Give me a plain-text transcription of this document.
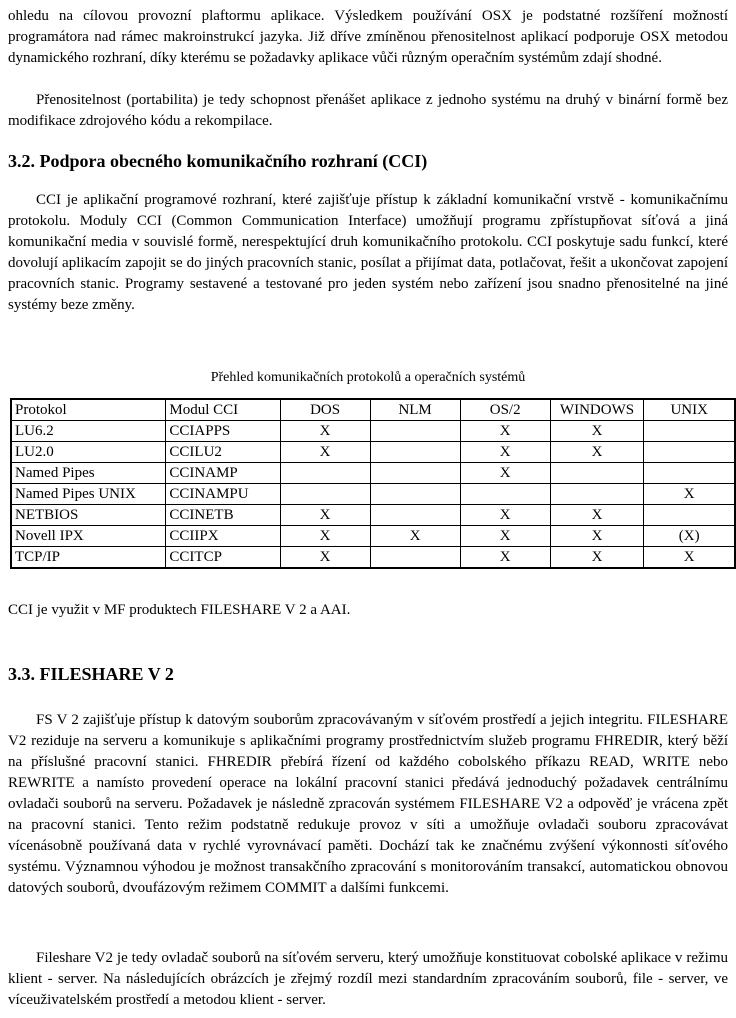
ohledu na cílovou provozní plaftormu aplikace. Výsledkem používání OSX je podstatné rozšíření možností programátora nad rámec makroinstrukcí jazyka. Již dříve zmíněnou přenositelnost aplikací podporuje OSX metodou dynamického rozhraní, díky kterému se požadavky aplikace vůči různým operačním systémům zdají shodné.

Přenositelnost (portabilita) je tedy schopnost přenášet aplikace z jednoho systému na druhý v binární formě bez modifikace zdrojového kódu a rekompilace.

3.2. Podpora obecného komunikačního rozhraní (CCI)

CCI je aplikační programové rozhraní, které zajišťuje přístup k základní komunikační vrstvě - komunikačnímu protokolu. Moduly CCI (Common Communication Interface) umožňují programu zpřístupňovat síťová a jiná komunikační media v souvislé formě, nerespektující druh komunikačního protokolu. CCI poskytuje sadu funkcí, které dovolují aplikacím zapojit se do jiných pracovních stanic, posílat a přijímat data, potlačovat, řešit a ukončovat zapojení pracovních stanic. Programy sestavené a testované pro jeden systém nebo zařízení jsou snadno přenositelné na jiné systémy beze změny.

Přehled komunikačních protokolů a operačních systémů

Protokol	Modul CCI	DOS	NLM	OS/2	WINDOWS	UNIX
LU6.2	CCIAPPS	X		X	X	
LU2.0	CCILU2	X		X	X	
Named Pipes	CCINAMP			X		
Named Pipes UNIX	CCINAMPU					X
NETBIOS	CCINETB	X		X	X	
Novell IPX	CCIIPX	X	X	X	X	(X)
TCP/IP	CCITCP	X		X	X	X

CCI je využit v MF produktech FILESHARE V 2 a AAI.

3.3. FILESHARE V 2

FS V 2 zajišťuje přístup k datovým souborům zpracovávaným v síťovém prostředí a jejich integritu. FILESHARE V2 reziduje na serveru a komunikuje s aplikačními programy prostřednictvím služeb programu FHREDIR, který běží na příslušné pracovní stanici. FHREDIR přebírá řízení od každého cobolského příkazu READ, WRITE nebo REWRITE a namísto provedení operace na lokální pracovní stanici předává jednoduchý požadavek centrálnímu ovladači souborů na serveru. Požadavek je následně zpracován systémem FILESHARE V2 a odpověď je vrácena zpět na pracovní stanici. Tento režim podstatně redukuje provoz v síti a umožňuje ovladači souboru zpracovávat vícenásobně používaná data v rychlé vyrovnávací paměti. Dochází tak ke značnému zvýšení výkonnosti síťového systému. Významnou výhodou je možnost transakčního zpracování s monitorováním transakcí, automatickou obnovou datových souborů, dvoufázovým režimem COMMIT a dalšími funkcemi.

Fileshare V2 je tedy ovladač souborů na síťovém serveru, který umožňuje konstituovat cobolské aplikace v režimu klient - server. Na následujících obrázcích je zřejmý rozdíl mezi standardním zpracováním souborů, file - server, ve víceuživatelském prostředí a metodou klient - server.
